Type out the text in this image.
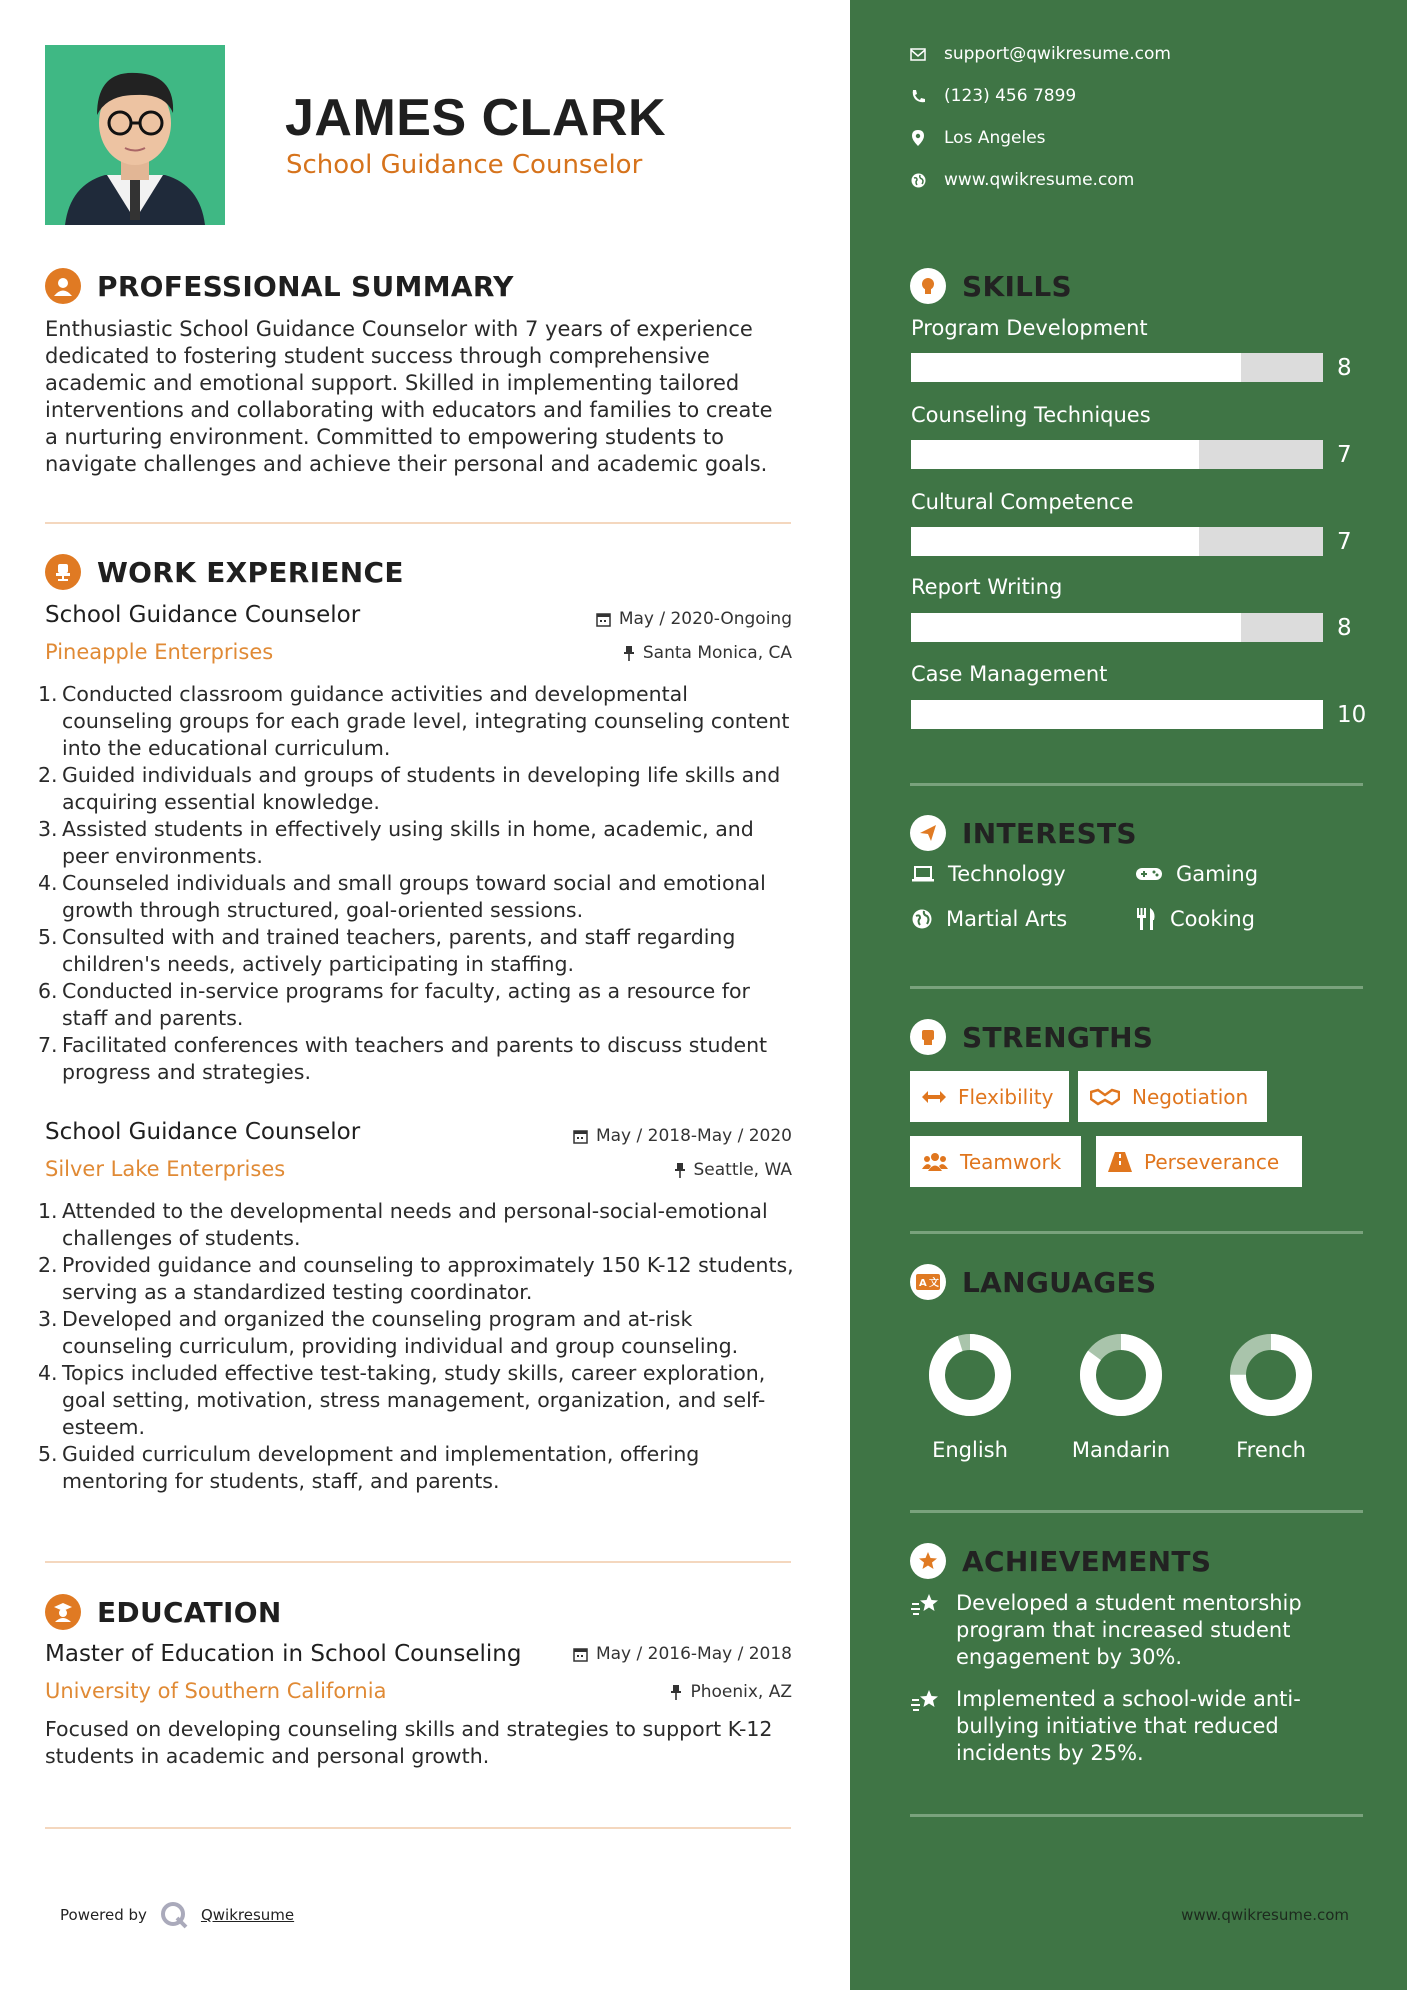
JAMES CLARK
School Guidance Counselor
PROFESSIONAL SUMMARY
Enthusiastic School Guidance Counselor with 7 years of experience dedicated to fostering student success through comprehensive academic and emotional support. Skilled in implementing tailored interventions and collaborating with educators and families to create a nurturing environment. Committed to empowering students to navigate challenges and achieve their personal and academic goals.
WORK EXPERIENCE
School Guidance Counselor	May / 2020-Ongoing
Pineapple Enterprises	Santa Monica, CA
1. Conducted classroom guidance activities and developmental counseling groups for each grade level, integrating counseling content into the educational curriculum.
2. Guided individuals and groups of students in developing life skills and acquiring essential knowledge.
3. Assisted students in effectively using skills in home, academic, and peer environments.
4. Counseled individuals and small groups toward social and emotional growth through structured, goal-oriented sessions.
5. Consulted with and trained teachers, parents, and staff regarding children's needs, actively participating in staffing.
6. Conducted in-service programs for faculty, acting as a resource for staff and parents.
7. Facilitated conferences with teachers and parents to discuss student progress and strategies.
School Guidance Counselor	May / 2018-May / 2020
Silver Lake Enterprises	Seattle, WA
1. Attended to the developmental needs and personal-social-emotional challenges of students.
2. Provided guidance and counseling to approximately 150 K-12 students, serving as a standardized testing coordinator.
3. Developed and organized the counseling program and at-risk counseling curriculum, providing individual and group counseling.
4. Topics included effective test-taking, study skills, career exploration, goal setting, motivation, stress management, organization, and self-esteem.
5. Guided curriculum development and implementation, offering mentoring for students, staff, and parents.
EDUCATION
Master of Education in School Counseling	May / 2016-May / 2018
University of Southern California	Phoenix, AZ
Focused on developing counseling skills and strategies to support K-12 students in academic and personal growth.
Powered by	Qwikresume
support@qwikresume.com
(123) 456 7899
Los Angeles
www.qwikresume.com
SKILLS
Program Development
8
Counseling Techniques
7
Cultural Competence
7
Report Writing
8
Case Management
10
INTERESTS
Technology	Gaming
Martial Arts	Cooking
STRENGTHS
Flexibility	Negotiation
Teamwork	Perseverance
A 文 LANGUAGES
English	Mandarin	French
ACHIEVEMENTS
Developed a student mentorship program that increased student engagement by 30%.
Implemented a school-wide anti-bullying initiative that reduced incidents by 25%.
www.qwikresume.com
